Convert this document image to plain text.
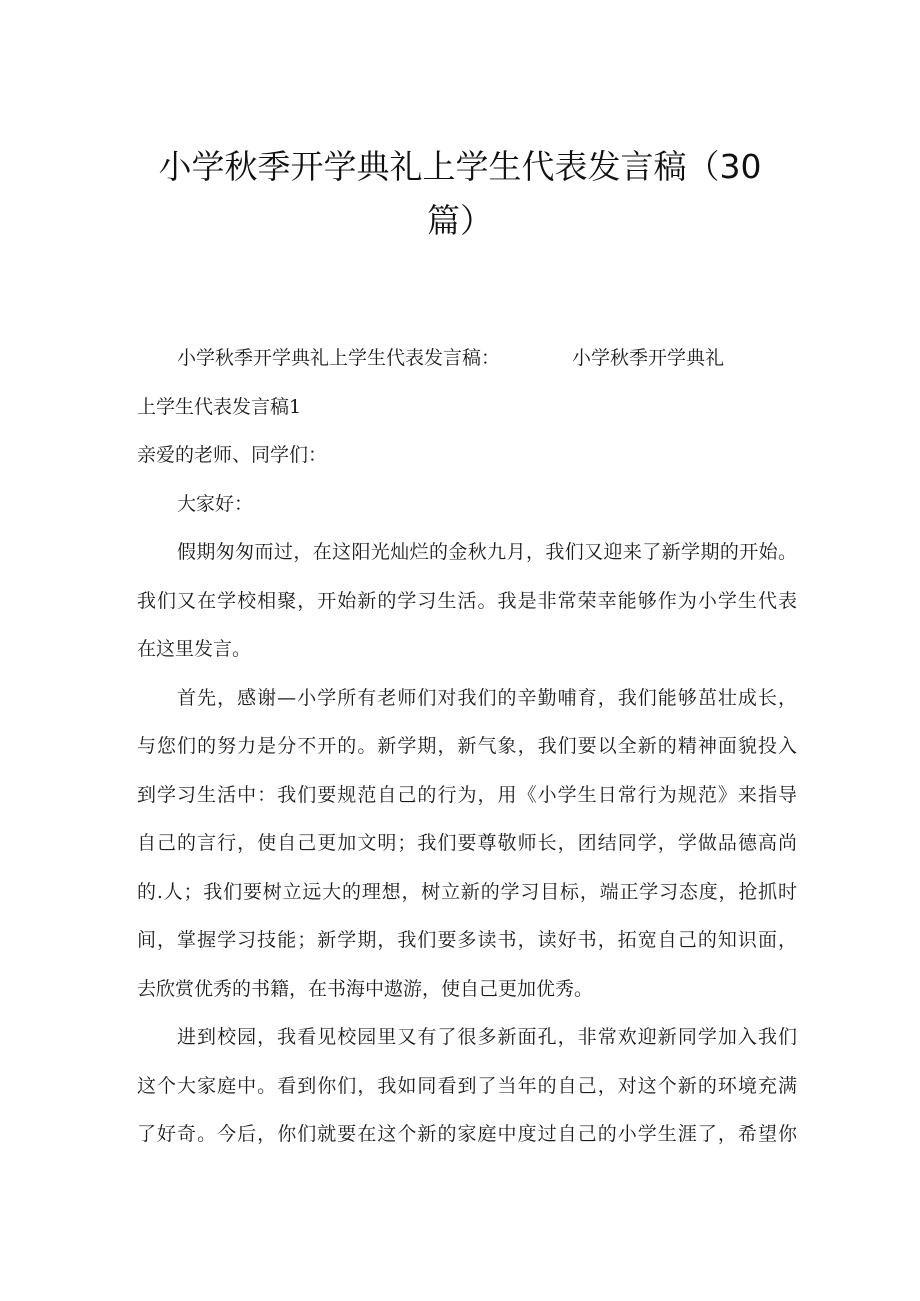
小学秋季开学典礼上学生代表发言稿（30
篇）
小学秋季开学典礼上学生代表发言稿：	小学秋季开学典礼
上学生代表发言稿1
亲爱的老师、同学们：
大家好：
假期匆匆而过，在这阳光灿烂的金秋九月，我们又迎来了新学期的开始。
我们又在学校相聚，开始新的学习生活。我是非常荣幸能够作为小学生代表
在这里发言。
首先，感谢—小学所有老师们对我们的辛勤哺育，我们能够茁壮成长，
与您们的努力是分不开的。新学期，新气象，我们要以全新的精神面貌投入
到学习生活中：我们要规范自己的行为，用《小学生日常行为规范》来指导
自己的言行，使自己更加文明；我们要尊敬师长，团结同学，学做品德高尚
的.人；我们要树立远大的理想，树立新的学习目标，端正学习态度，抢抓时
间，掌握学习技能；新学期，我们要多读书，读好书，拓宽自己的知识面，
去欣赏优秀的书籍，在书海中遨游，使自己更加优秀。
进到校园，我看见校园里又有了很多新面孔，非常欢迎新同学加入我们
这个大家庭中。看到你们，我如同看到了当年的自己，对这个新的环境充满
了好奇。今后，你们就要在这个新的家庭中度过自己的小学生涯了，希望你
